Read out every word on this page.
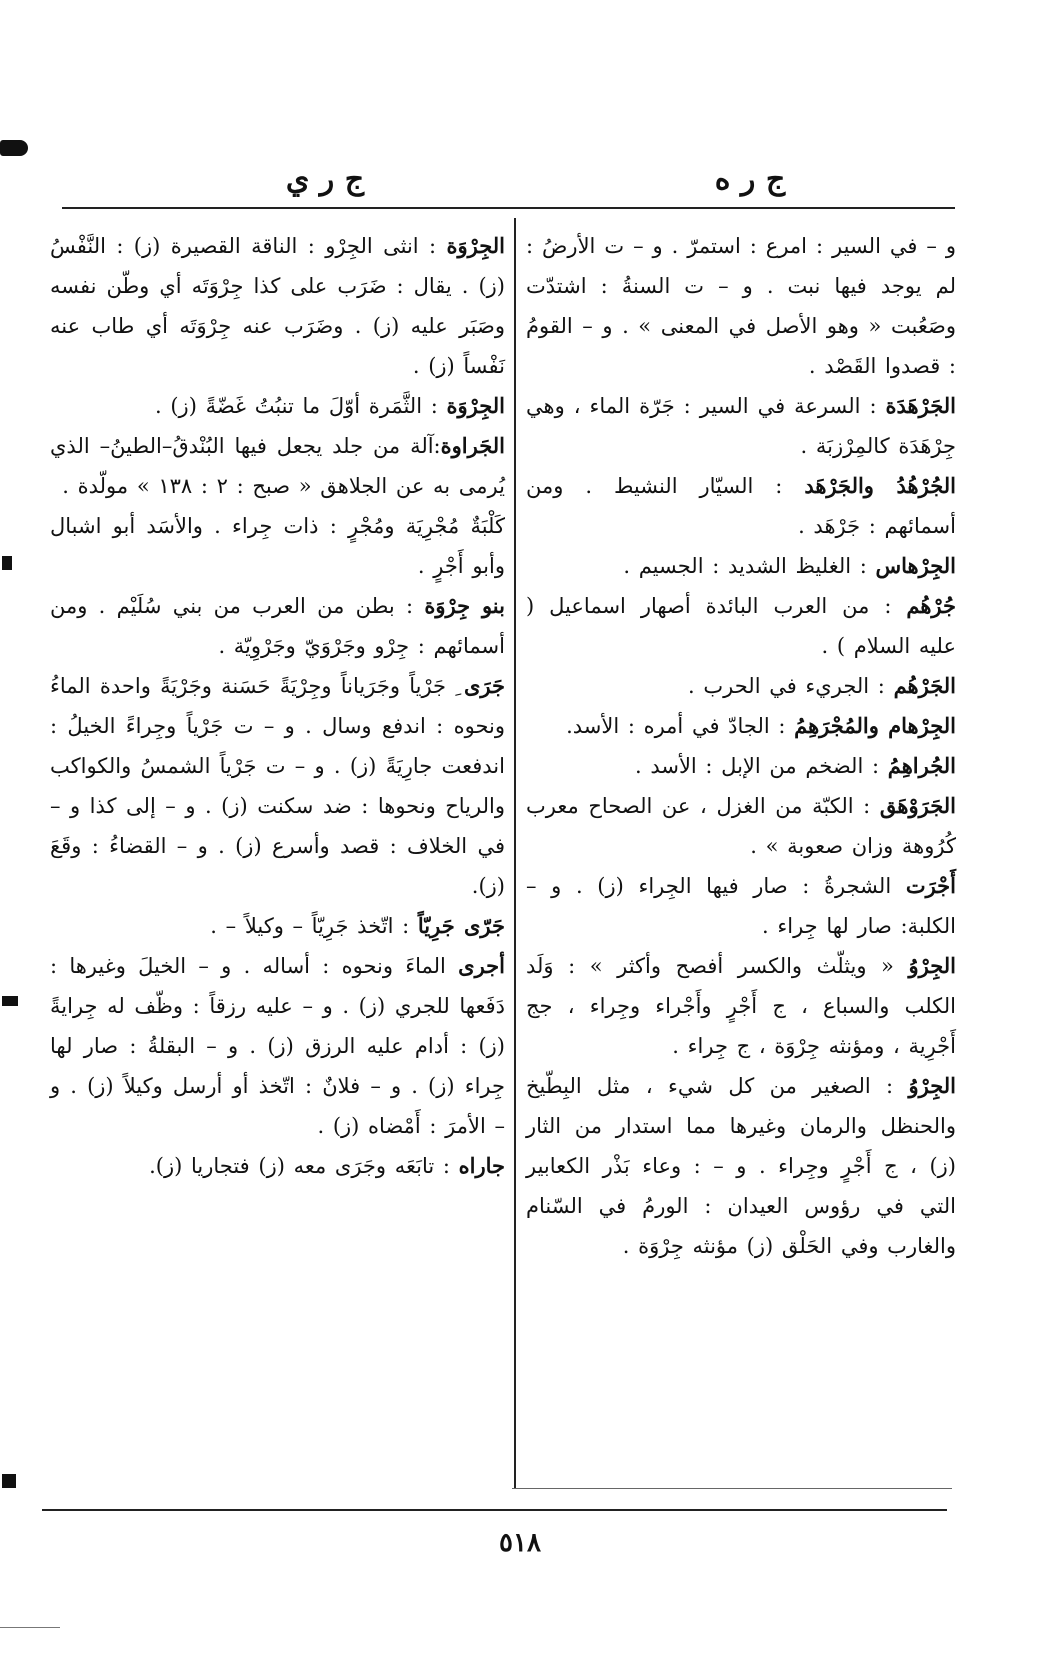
ج ر ه
ج ر ي

و – في السير : امرع : استمرّ . و – ت الأرضُ : لم يوجد فيها نبت . و – ت السنةُ : اشتدّت وصَعُبت « وهو الأصل في المعنى » . و – القومُ : قصدوا القَصْد .

الجَرْهَدَة : السرعة في السير : جَرّة الماء ، وهي جِرْهَدَة كالمِرْزبَة .

الجُرْهُدُ والجَرْهَد : السيّار النشيط . ومن أسمائهم : جَرْهَد .

الجِرْهاس : الغليظ الشديد : الجسيم .

جُرْهُم : من العرب البائدة أصهار اسماعيل ( عليه السلام ) .

الجَرْهُم : الجريء في الحرب .

الجِرْهام والمُجْرَهِمُ : الجادّ في أمره : الأسد.

الجُراهِمُ : الضخم من الإبل : الأسد .

الجَرَوْهَق : الكبّة من الغزل ، عن الصحاح معرب كُرُوهة وزان صعوبة » .

أَجْرَت الشجرةُ : صار فيها الجِراء (ز) . و – الكلبة: صار لها جِراء .

الجِرْوُ « ويثلّث والكسر أفصح وأكثر » : وَلَد الكلب والسباع ، ج أَجْرٍ وأَجْراء وجِراء ، جج أَجْرِية ، ومؤنثه جِرْوَة ، ج جِراء .

الجِرْوُ : الصغير من كل شيء ، مثل البِطّيخ والحنظل والرمان وغيرها مما استدار من الثار (ز) ، ج أَجْرٍ وجِراء . و – : وعاء بَذْر الكعابير التي في رؤوس العيدان : الورمُ في السّنام والغارب وفي الحَلْق (ز) مؤنثه جِرْوَة .

الجِرْوَة : انثى الجِرْو : الناقة القصيرة (ز) : النَّفْسُ (ز) . يقال : ضَرَب على كذا جِرْوَتَه أي وطّن نفسه وصَبَر عليه (ز) . وضَرَب عنه جِرْوَتَه أي طاب عنه نَفْساً (ز) .

الجِرْوَة : الثَّمَرة أوّلَ ما تنبُتُ غَضّةً (ز) .

الجَراوة:آلة من جلد يجعل فيها البُنْدقُ–الطينُ– الذي يُرمى به عن الجلاهق « صبح : ٢ : ١٣٨ » مولّدة .

كَلْبَةٌ مُجْرِيَة ومُجْرٍ : ذات جِراء . والأسَد أبو اشبال وأبو أَجْرٍ .

بنو جِرْوَة : بطن من العرب من بني سُلَيْم . ومن أسمائهم : جِرْو وجَرْوَيّ وجَرْوِيّة .

جَرَى ِ جَرْياً وجَرَياناً وجِرْيَةً حَسَنة وجَرْيَةً واحدة الماءُ ونحوه : اندفع وسال . و – ت جَرْياً وجِراءً الخيلُ : اندفعت جارِيَةً (ز) . و – ت جَرْياً الشمسُ والكواكب والرياح ونحوها : ضد سكنت (ز) . و – إلى كذا و – في الخلاف : قصد وأسرع (ز) . و – القضاءُ : وقَعَ (ز).

جَرّى جَرِيّاً : اتّخذ جَرِيّاً – وكيلاً – .

أجرى الماءَ ونحوه : أساله . و – الخيلَ وغيرها : دَفَعها للجري (ز) . و – عليه رزقاً : وظّف له جِرايةً (ز) : أدام عليه الرزق (ز) . و – البقلةُ : صار لها جِراء (ز) . و – فلانٌ : اتّخذ أو أرسل وكيلاً (ز) . و – الأمرَ : أَمْضاه (ز) .

جاراه : تابَعَه وجَرَى معه (ز) فتجاريا (ز).

٥١٨
